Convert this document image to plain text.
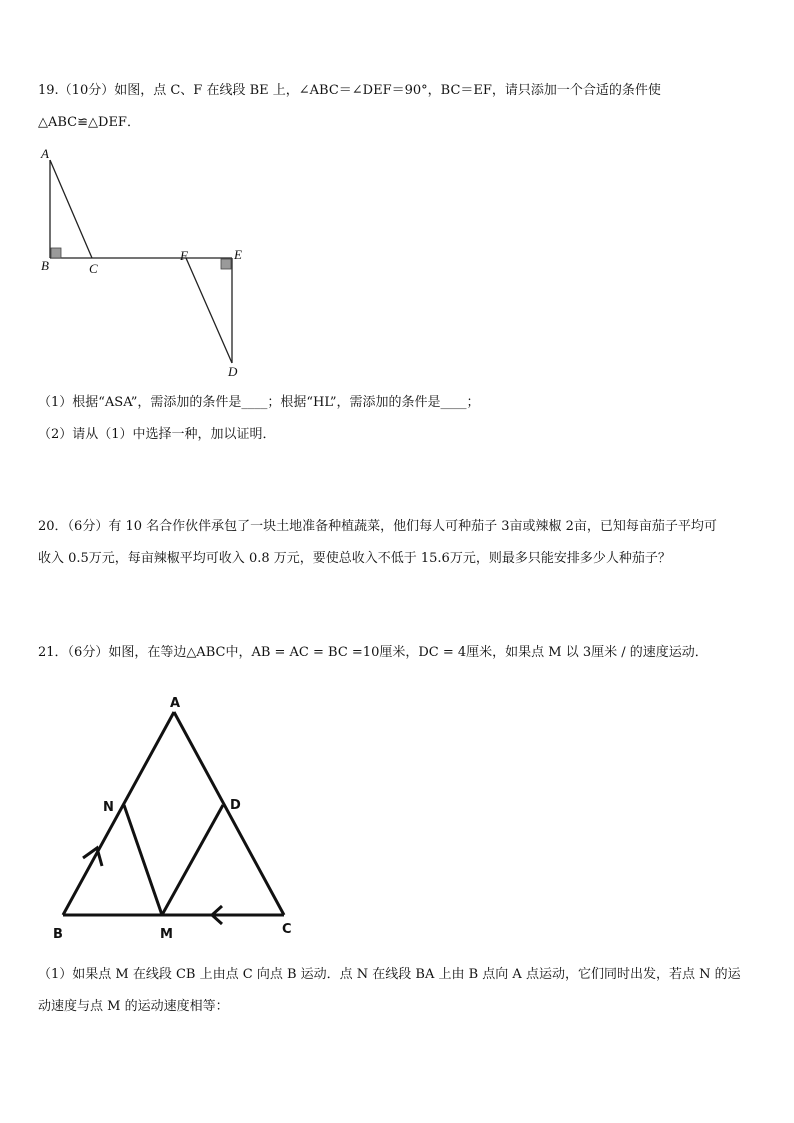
19.（10分）如图，点 C、F 在线段 BE 上，∠ABC＝∠DEF＝90°，BC＝EF，请只添加一个合适的条件使
△ABC≌△DEF．
A
B	C
F	E
D
A
N	D
B	M	C
（1）根据“ASA”，需添加的条件是____；根据“HL”，需添加的条件是____；
（2）请从（1）中选择一种，加以证明．
20．（6分）有 10 名合作伙伴承包了一块土地准备种植蔬菜，他们每人可种茄子 3亩或辣椒 2亩，已知每亩茄子平均可
收入 0.5万元，每亩辣椒平均可收入 0.8 万元，要使总收入不低于 15.6万元，则最多只能安排多少人种茄子？
21．（6分）如图，在等边△ABC中，AB = AC = BC =10厘米，DC = 4厘米，如果点 M 以 3厘米 / 的速度运动．
（1）如果点 M 在线段 CB 上由点 C 向点 B 运动．点 N 在线段 BA 上由 B 点向 A 点运动，它们同时出发，若点 N 的运
动速度与点 M 的运动速度相等：
